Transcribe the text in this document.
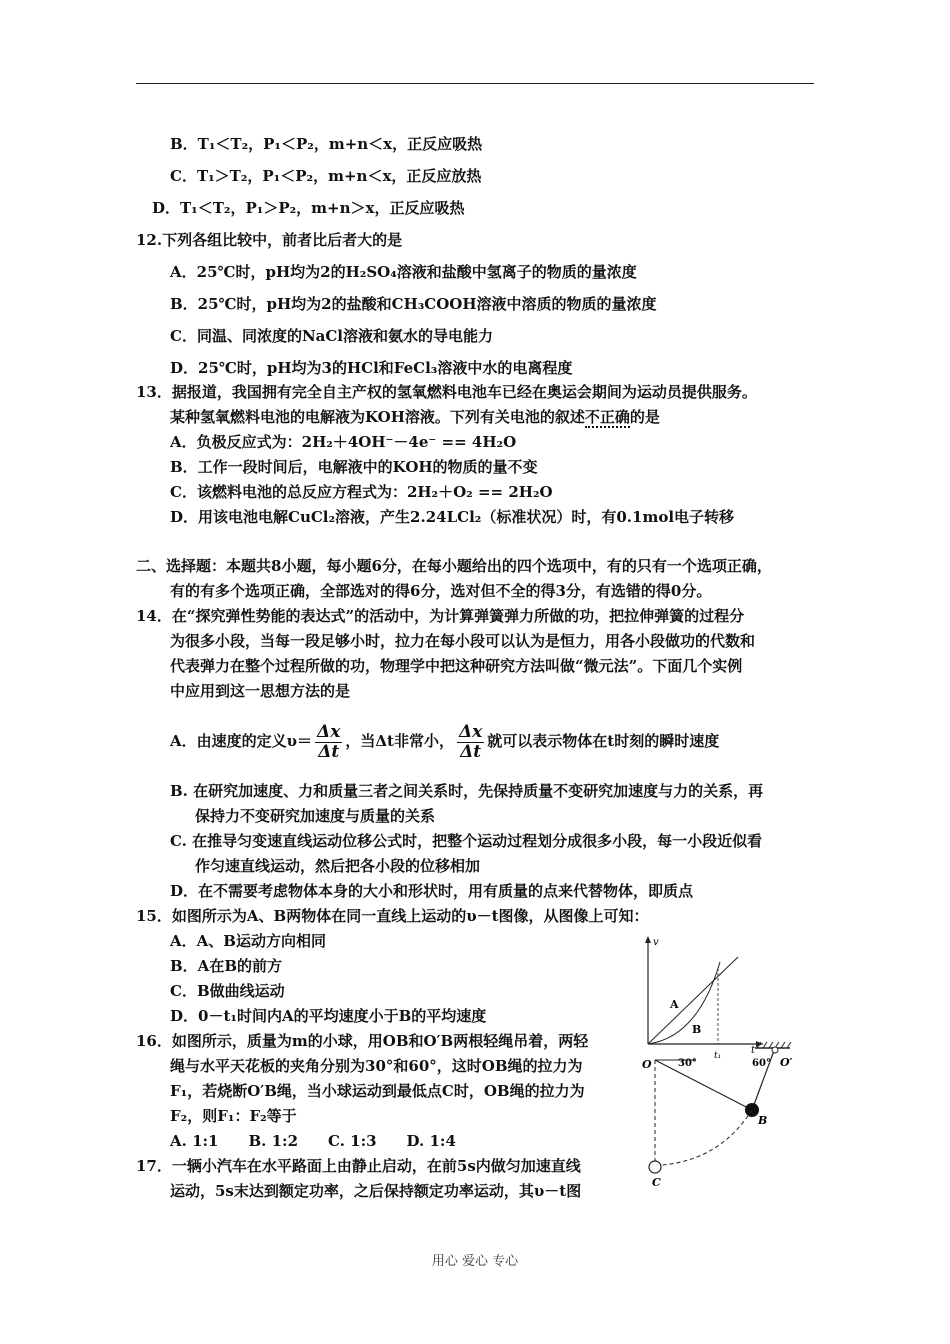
B．T₁＜T₂，P₁＜P₂，m+n＜x，正反应吸热
C．T₁＞T₂，P₁＜P₂，m+n＜x，正反应放热
D．T₁＜T₂，P₁＞P₂，m+n＞x，正反应吸热
12.下列各组比较中，前者比后者大的是
A．25℃时，pH均为2的H₂SO₄溶液和盐酸中氢离子的物质的量浓度
B．25℃时，pH均为2的盐酸和CH₃COOH溶液中溶质的物质的量浓度
C．同温、同浓度的NaCl溶液和氨水的导电能力
D．25℃时，pH均为3的HCl和FeCl₃溶液中水的电离程度
13．据报道，我国拥有完全自主产权的氢氧燃料电池车已经在奥运会期间为运动员提供服务。
A．负极反应式为：2H₂＋4OH⁻－4e⁻ == 4H₂O
B．工作一段时间后，电解液中的KOH的物质的量不变
C．该燃料电池的总反应方程式为：2H₂＋O₂ == 2H₂O
D．用该电池电解CuCl₂溶液，产生2.24LCl₂（标准状况）时，有0.1mol电子转移
二、选择题：本题共8小题，每小题6分，在每小题给出的四个选项中，有的只有一个选项正确，
有的有多个选项正确，全部选对的得6分，选对但不全的得3分，有选错的得0分。
14．在“探究弹性势能的表达式”的活动中，为计算弹簧弹力所做的功，把拉伸弹簧的过程分
为很多小段，当每一段足够小时，拉力在每小段可以认为是恒力，用各小段做功的代数和
代表弹力在整个过程所做的功，物理学中把这种研究方法叫做“微元法”。下面几个实例
中应用到这一思想方法的是
B. 在研究加速度、力和质量三者之间关系时，先保持质量不变研究加速度与力的关系，再
保持力不变研究加速度与质量的关系
C. 在推导匀变速直线运动位移公式时，把整个运动过程划分成很多小段，每一小段近似看
作匀速直线运动，然后把各小段的位移相加
D．在不需要考虑物体本身的大小和形状时，用有质量的点来代替物体，即质点
15．如图所示为A、B两物体在同一直线上运动的υ－t图像，从图像上可知：
A．A、B运动方向相同
B．A在B的前方
C．B做曲线运动
D．0－t₁时间内A的平均速度小于B的平均速度
16．如图所示，质量为m的小球，用OB和O′B两根轻绳吊着，两轻
绳与水平天花板的夹角分别为30°和60°，这时OB绳的拉力为
F₁，若烧断O′B绳，当小球运动到最低点C时，OB绳的拉力为
F₂，则F₁：F₂等于
A. 1:1　　B. 1:2　　C. 1:3　　D. 1:4
17．一辆小汽车在水平路面上由静止启动，在前5s内做匀加速直线
运动，5s末达到额定功率，之后保持额定功率运动，其υ－t图
某种氢氧燃料电池的电解液为KOH溶液。下列有关电池的叙述不正确的是
A．由速度的定义$\upsilon= \frac{\Delta x}{\Delta t}$ ，当Δt非常小， $\frac{\Delta x}{\Delta t}$ 就可以表示物体在t时刻的瞬时速度
v
t
A
B
t₁
O	O′
B
C
30°	60°
用心 爱心 专心
